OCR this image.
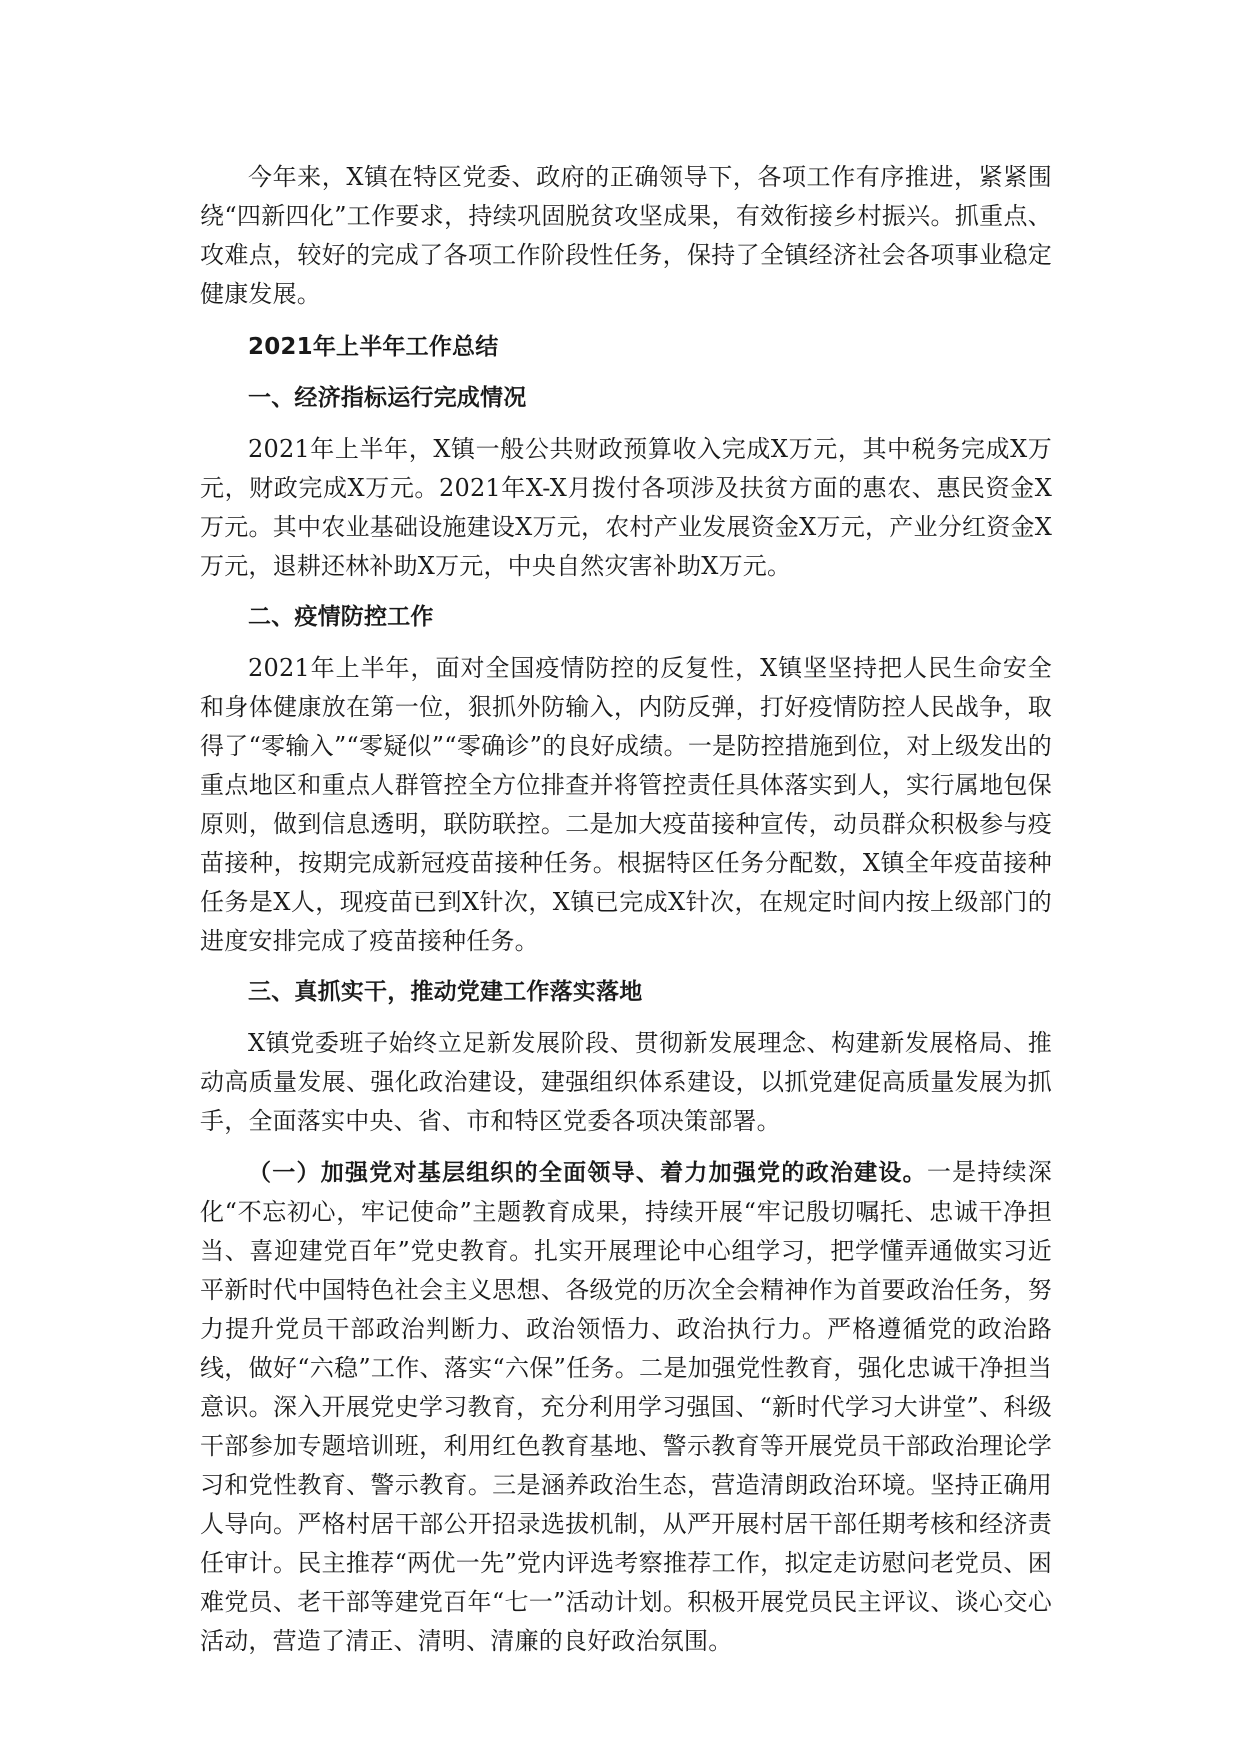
今年来，X镇在特区党委、政府的正确领导下，各项工作有序推进，紧紧围绕“四新四化”工作要求，持续巩固脱贫攻坚成果，有效衔接乡村振兴。抓重点、攻难点，较好的完成了各项工作阶段性任务，保持了全镇经济社会各项事业稳定健康发展。

2021年上半年工作总结

一、经济指标运行完成情况

2021年上半年，X镇一般公共财政预算收入完成X万元，其中税务完成X万元，财政完成X万元。2021年X-X月拨付各项涉及扶贫方面的惠农、惠民资金X万元。其中农业基础设施建设X万元，农村产业发展资金X万元，产业分红资金X万元，退耕还林补助X万元，中央自然灾害补助X万元。

二、疫情防控工作

2021年上半年，面对全国疫情防控的反复性，X镇坚坚持把人民生命安全和身体健康放在第一位，狠抓外防输入，内防反弹，打好疫情防控人民战争，取得了“零输入”“零疑似”“零确诊”的良好成绩。一是防控措施到位，对上级发出的重点地区和重点人群管控全方位排查并将管控责任具体落实到人，实行属地包保原则，做到信息透明，联防联控。二是加大疫苗接种宣传，动员群众积极参与疫苗接种，按期完成新冠疫苗接种任务。根据特区任务分配数，X镇全年疫苗接种任务是X人，现疫苗已到X针次，X镇已完成X针次，在规定时间内按上级部门的进度安排完成了疫苗接种任务。

三、真抓实干，推动党建工作落实落地

X镇党委班子始终立足新发展阶段、贯彻新发展理念、构建新发展格局、推动高质量发展、强化政治建设，建强组织体系建设，以抓党建促高质量发展为抓手，全面落实中央、省、市和特区党委各项决策部署。

（一）加强党对基层组织的全面领导、着力加强党的政治建设。一是持续深化“不忘初心，牢记使命”主题教育成果，持续开展“牢记殷切嘱托、忠诚干净担当、喜迎建党百年”党史教育。扎实开展理论中心组学习，把学懂弄通做实习近平新时代中国特色社会主义思想、各级党的历次全会精神作为首要政治任务，努力提升党员干部政治判断力、政治领悟力、政治执行力。严格遵循党的政治路线，做好“六稳”工作、落实“六保”任务。二是加强党性教育，强化忠诚干净担当意识。深入开展党史学习教育，充分利用学习强国、“新时代学习大讲堂”、科级干部参加专题培训班，利用红色教育基地、警示教育等开展党员干部政治理论学习和党性教育、警示教育。三是涵养政治生态，营造清朗政治环境。坚持正确用人导向。严格村居干部公开招录选拔机制，从严开展村居干部任期考核和经济责任审计。民主推荐“两优一先”党内评选考察推荐工作，拟定走访慰问老党员、困难党员、老干部等建党百年“七一”活动计划。积极开展党员民主评议、谈心交心活动，营造了清正、清明、清廉的良好政治氛围。
